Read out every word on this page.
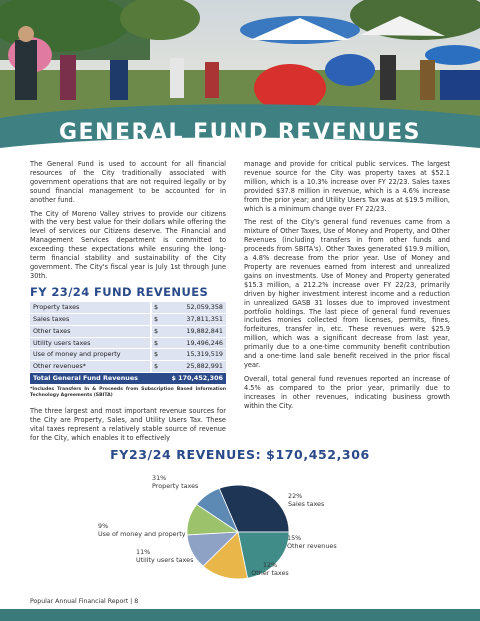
GENERAL FUND REVENUES

The General Fund is used to account for all financial resources of the City traditionally associated with government operations that are not required legally or by sound financial management to be accounted for in another fund.

The City of Moreno Valley strives to provide our citizens with the very best value for their dollars while offering the level of services our Citizens deserve. The Financial and Management Services department is committed to exceeding these expectations while ensuring the long-term financial stability and sustainability of the City government. The City's fiscal year is July 1st through June 30th.

FY 23/24 FUND REVENUES
Property taxes		$	52,059,358
Sales taxes		$	37,811,351
Other taxes		$	19,882,841
Utility users taxes		$	19,496,246
Use of money and property		$	15,319,519
Other revenues*		$	25,882,991
Total General Fund Revenues		$ 170,452,306	
*Includes Transfers In & Proceeds from Subscription Based Information Technology Agreements (SBITA)

The three largest and most important revenue sources for the City are Property, Sales, and Utility Users Tax. These vital taxes represent a relatively stable source of revenue for the City, which enables it to effectively

manage and provide for critical public services. The largest revenue source for the City was property taxes at $52.1 million, which is a 10.3% increase over FY 22/23. Sales taxes provided $37.8 million in revenue, which is a 4.6% increase from the prior year; and Utility Users Tax was at $19.5 million, which is a minimum change over FY 22/23.

The rest of the City's general fund revenues came from a mixture of Other Taxes, Use of Money and Property, and Other Revenues (including transfers in from other funds and proceeds from SBITA's). Other Taxes generated $19.9 million, a 4.8% decrease from the prior year. Use of Money and Property are revenues earned from interest and unrealized gains on investments. Use of Money and Property generated $15.3 million, a 212.2% increase over FY 22/23, primarily driven by higher investment interest income and a reduction in unrealized GASB 31 losses due to improved investment portfolio holdings. The last piece of general fund revenues includes monies collected from licenses, permits, fines, forfeitures, transfer in, etc. These revenues were $25.9 million, which was a significant decrease from last year, primarily due to a one-time community benefit contribution and a one-time land sale benefit received in the prior fiscal year.

Overall, total general fund revenues reported an increase of 4.5% as compared to the prior year, primarily due to increases in other revenues, indicating business growth within the City.

FY23/24 REVENUES: $170,452,306
31%
Property taxes
22%
Sales taxes
15%
Other revenues
12%
Other taxes
11%
Utility users taxes
9%
Use of money and property
Popular Annual Financial Report | 8
